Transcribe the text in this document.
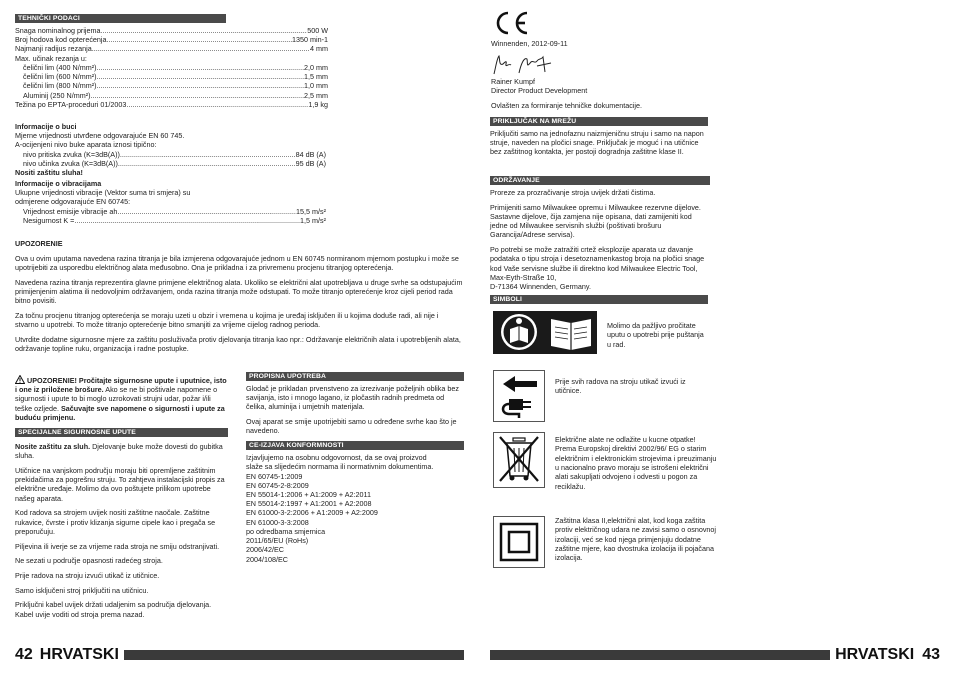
TEHNIČKI PODACI
Snaga nominalnog prijema .....	500 W
Broj hodova kod opterećenja .....	1350 min-1
Najmanji radijus rezanja .....	4 mm
Max. učinak rezanja u:
čelični lim (400 N/mm²) .....	2,0 mm
čelični lim (600 N/mm²) .....	1,5 mm
čelični lim (800 N/mm²) .....	1,0 mm
Aluminij (250 N/mm²) .....	2,5 mm
Težina po EPTA-proceduri 01/2003 .....	1,9 kg
Informacije o buci
Mjerne vrijednosti utvrđene odgovarajuće EN 60 745.
A-ocijenjeni nivo buke aparata iznosi tipično:
nivo pritiska zvuka (K=3dB(A)) .....	84 dB (A)
nivo učinka zvuka (K=3dB(A)) .....	95 dB (A)
Nositi zaštitu sluha!
Informacije o vibracijama
Ukupne vrijednosti vibracije (Vektor suma tri smjera) su
odmjerene odgovarajuće EN 60745:
Vrijednost emisije vibracije ah .....	15,5 m/s²
Nesigurnost K = .....	1,5 m/s²

UPOZORENIE

Ova u ovim uputama navedena razina titranja je bila izmjerena odgovarajuće jednom u EN 60745 normiranom mjernom postupku i može se upotrijebiti za usporedbu električnog alata međusobno. Ona je prikladna i za privremenu procjenu titranjog opterećenja.

Navedena razina titranja reprezentira glavne primjene električnog alata. Ukoliko se električni alat upotrebljava u druge svrhe sa odstupajućim primijenjenim alatima ili nedovoljnim održavanjem, onda razina titranja može odstupati. To može titranjo opterećenje kroz cijeli period rada bitno povisiti.

Za točnu procjenu titranjog opterećenja se moraju uzeti u obzir i vremena u kojima je uređaj isključen ili u kojima doduše radi, ali nije i stvarno u upotrebi. To može titranjo opterećenje bitno smanjiti za vrijeme cijelog radnog perioda.

Utvrdite dodatne sigurnosne mjere za zaštitu posluživača protiv djelovanja titranja kao npr.: Održavanje električnih alata i upotrebljenih alata, održavanje topline ruku, organizacija i radne postupke.

UPOZORENIE! Pročitajte sigurnosne upute i uputnice, isto i one iz priložene brošure. Ako se ne bi poštivale napomene o sigurnosti i upute to bi moglo uzrokovati strujni udar, požar i/ili teške ozljede. Sačuvajte sve napomene o sigurnosti i upute za buduću primjenu.

SPECIJALNE SIGURNOSNE UPUTE

Nosite zaštitu za sluh. Djelovanje buke može dovesti do gubitka sluha.

Utičnice na vanjskom području moraju biti opremljene zaštitnim prekidačima za pogrešnu struju. To zahtjeva instalacijski propis za električne uređaje. Molimo da ovo poštujete prilikom upotrebe našeg aparata.

Kod radova sa strojem uvijek nositi zaštitne naočale. Zaštitne rukavice, čvrste i protiv klizanja sigurne cipele kao i pregača se preporučuju.

Piljevina ili iverje se za vrijeme rada stroja ne smiju odstranjivati.

Ne sezati u područje opasnosti radećeg stroja.

Prije radova na stroju izvući utikač iz utičnice.

Samo isključeni stroj priključiti na utičnicu.

Priključni kabel uvijek držati udaljenim sa područja djelovanja. Kabel uvije voditi od stroja prema nazad.

PROPISNA UPOTREBA

Glodač je prikladan prvenstveno za izrezivanje poželjnih oblika bez savijanja, isto i mnogo lagano, iz pločastih radnih predmeta od čelika, aluminija i umjetnih materijala.

Ovaj aparat se smije upotrijebiti samo u određene svrhe kao što je navedeno.

CE-IZJAVA KONFORMNOSTI
Izjavljujemo na osobnu odgovornost, da se ovaj proizvod
slaže sa slijedećim normama ili normativnim dokumentima.
EN 60745-1:2009
EN 60745-2-8:2009
EN 55014-1:2006 + A1:2009 + A2:2011
EN 55014-2:1997 + A1:2001 + A2:2008
EN 61000-3-2:2006 + A1:2009 + A2:2009
EN 61000-3-3:2008
po odredbama smjernica
2011/65/EU (RoHs)
2006/42/EC
2004/108/EC
42 HRVATSKI
Winnenden, 2012-09-11
Rainer Kumpf
Director Product Development
Ovlašten za formiranje tehničke dokumentacije.
PRIKLJUČAK NA MREŽU

Priključiti samo na jednofaznu naizmjeničnu struju i samo na napon struje, naveden na pločici snage. Priključak je moguć i na utičnice bez zaštitnog kontakta, jer postoji dogradnja zaštitne klase II.

ODRŽAVANJE

Proreze za prozračivanje stroja uvijek držati čistima.

Primijeniti samo Milwaukee opremu i Milwaukee rezervne dijelove. Sastavne dijelove, čija zamjena nije opisana, dati zamijeniti kod jedne od Milwaukee servisnih službi (poštivati brošuru Garancija/Adrese servisa).

Po potrebi se može zatražiti crtež eksplozije aparata uz davanje podataka o tipu stroja i desetoznamenkastog broja na pločici snage kod Vaše servisne službe ili direktno kod Milwaukee Electric Tool, Max-Eyth-Straße 10,
D-71364 Winnenden, Germany.
SIMBOLI
Molimo da pažljivo pročitate uputu o upotrebi prije puštanja u rad.
Prije svih radova na stroju utikač izvući iz utičnice.
Električne alate ne odlažite u kucne otpatke! Prema Europskoj direktivi 2002/96/ EG o starim električnim i elektronickim strojevima i preuzimanju u nacionalno pravo moraju se istrošeni električni alati sakupljati odvojeno i odvesti u pogon za reciklažu.
Zaštitna klasa II,električni alat, kod koga zaštita protiv električnog udara ne zavisi samo o osnovnoj izolaciji, već se kod njega primjenjuju dodatne zaštitne mjere, kao dvostruka izolacija ili pojačana izolacija.
HRVATSKI 43
